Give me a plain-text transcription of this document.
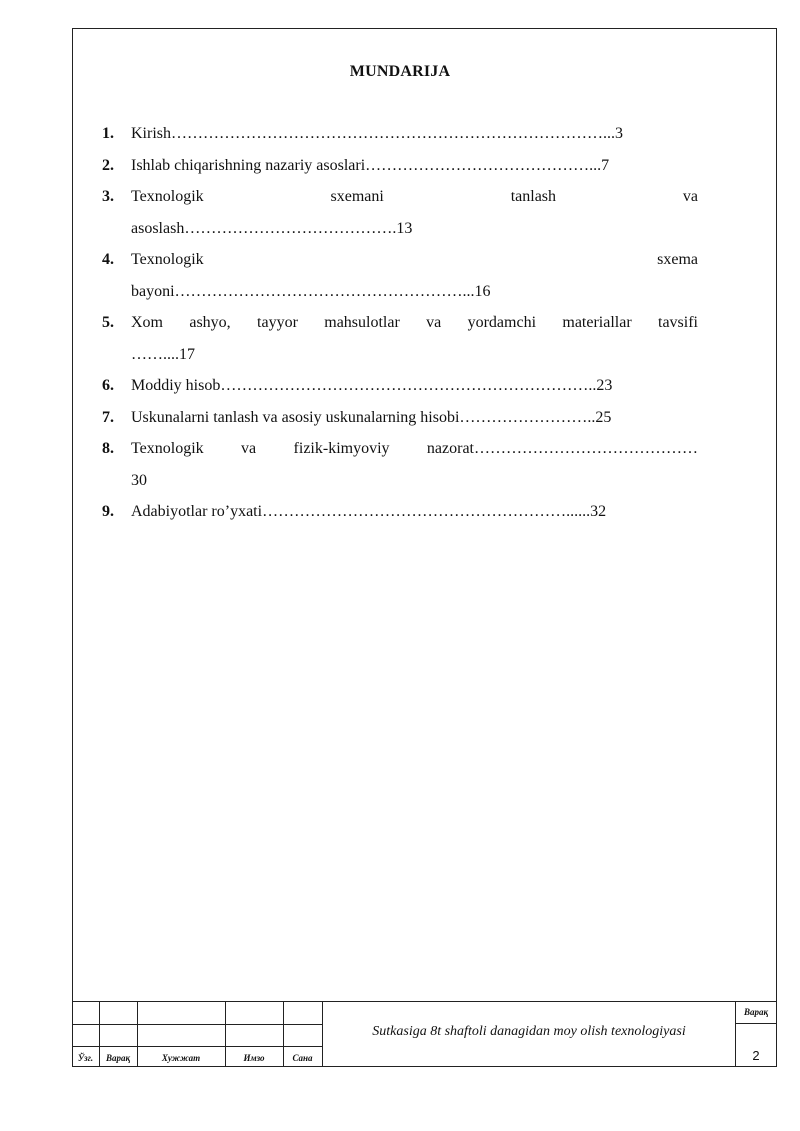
MUNDARIJA
1. Kirish………………………………………………………………………...3
2. Ishlab chiqarishning nazariy asoslari……………………………………...7
3. Texnologik sxemani tanlash va
asoslash………………………………….13
4. Texnologik sxema
bayoni………………………………………………...16
5. Xom ashyo, tayyor mahsulotlar va yordamchi materiallar tavsifi
……....17
6. Moddiy hisob……………………………………………………………..23
7. Uskunalarni tanlash va asosiy uskunalarning hisobi……………………..25
8. Texnologik va fizik-kimyoviy nazorat……………………………………
30
9. Adabiyotlar ro’yxati…………………………………………………......32
Ўзг.	Варақ	Хужжат	Имзо	Сана
Sutkasiga 8t shaftoli danagidan moy olish texnologiyasi
Варақ
2
